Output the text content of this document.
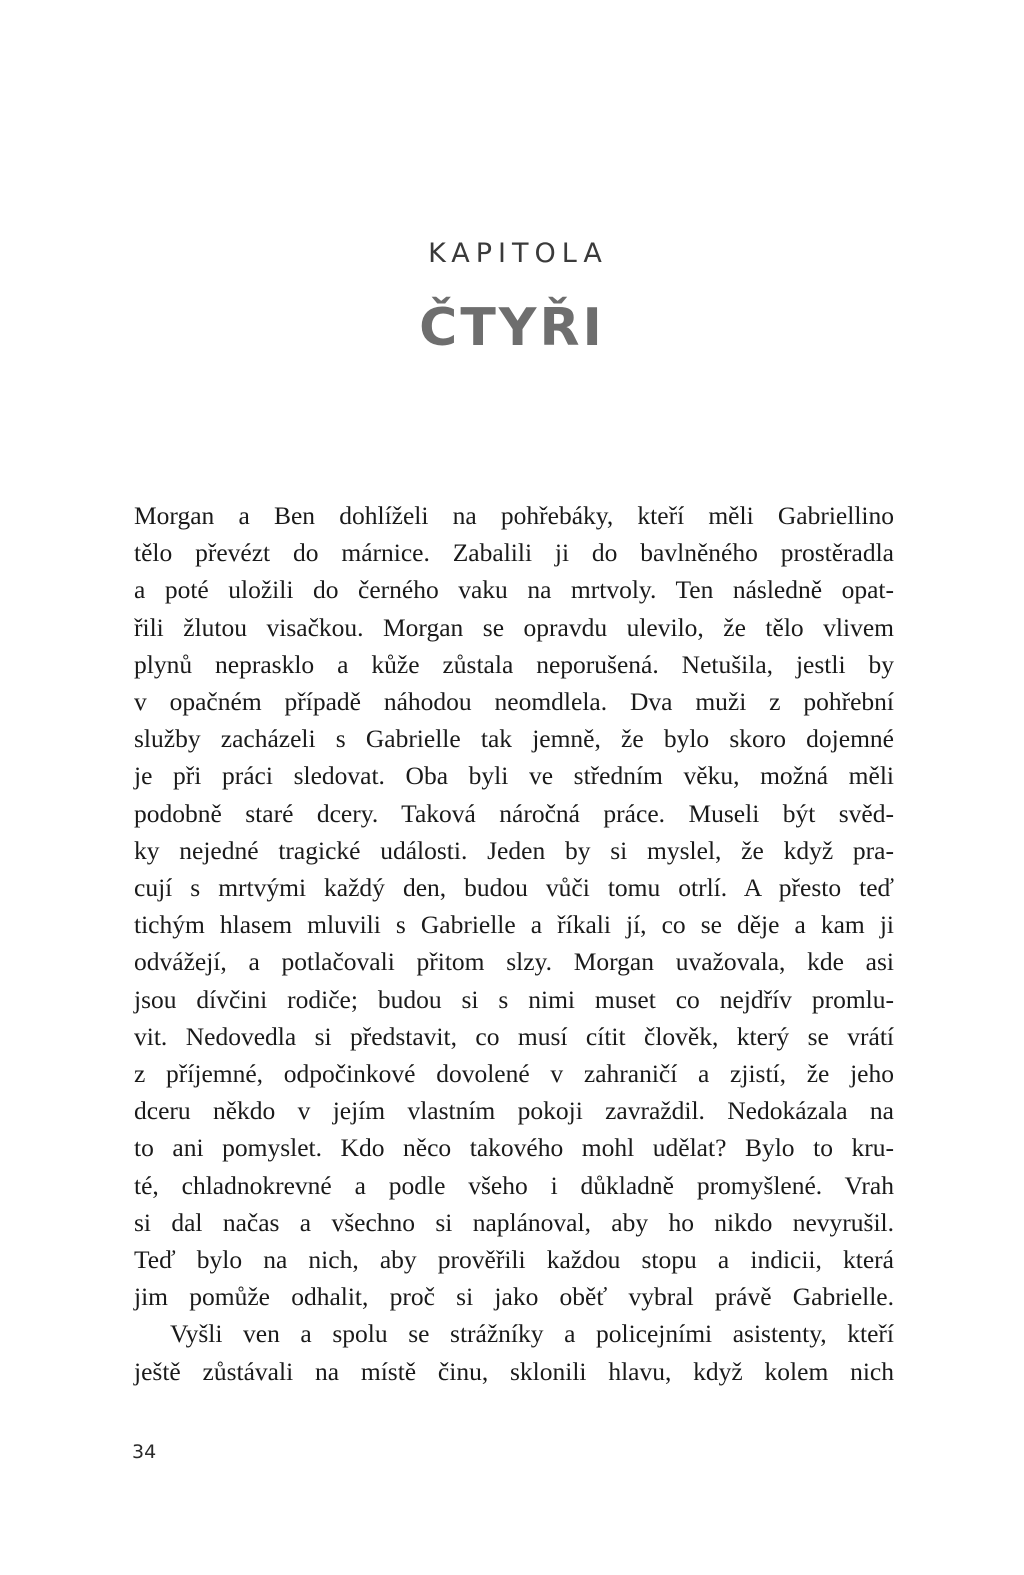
KAPITOLA
ČTYŘI

Morgan a Ben dohlíželi na pohřebáky, kteří měli Gabriellino
tělo převézt do márnice. Zabalili ji do bavlněného prostěradla
a poté uložili do černého vaku na mrtvoly. Ten následně opat-
řili žlutou visačkou. Morgan se opravdu ulevilo, že tělo vlivem
plynů neprasklo a kůže zůstala neporušená. Netušila, jestli by
v opačném případě náhodou neomdlela. Dva muži z pohřební
služby zacházeli s Gabrielle tak jemně, že bylo skoro dojemné
je při práci sledovat. Oba byli ve středním věku, možná měli
podobně staré dcery. Taková náročná práce. Museli být svěd-
ky nejedné tragické události. Jeden by si myslel, že když pra-
cují s mrtvými každý den, budou vůči tomu otrlí. A přesto teď
tichým hlasem mluvili s Gabrielle a říkali jí, co se děje a kam ji
odvážejí, a potlačovali přitom slzy. Morgan uvažovala, kde asi
jsou dívčini rodiče; budou si s nimi muset co nejdřív promlu-
vit. Nedovedla si představit, co musí cítit člověk, který se vrátí
z příjemné, odpočinkové dovolené v zahraničí a zjistí, že jeho
dceru někdo v jejím vlastním pokoji zavraždil. Nedokázala na
to ani pomyslet. Kdo něco takového mohl udělat? Bylo to kru-
té, chladnokrevné a podle všeho i důkladně promyšlené. Vrah
si dal načas a všechno si naplánoval, aby ho nikdo nevyrušil.
Teď bylo na nich, aby prověřili každou stopu a indicii, která
jim pomůže odhalit, proč si jako oběť vybral právě Gabrielle.

Vyšli ven a spolu se strážníky a policejními asistenty, kteří
ještě zůstávali na místě činu, sklonili hlavu, když kolem nich

34
